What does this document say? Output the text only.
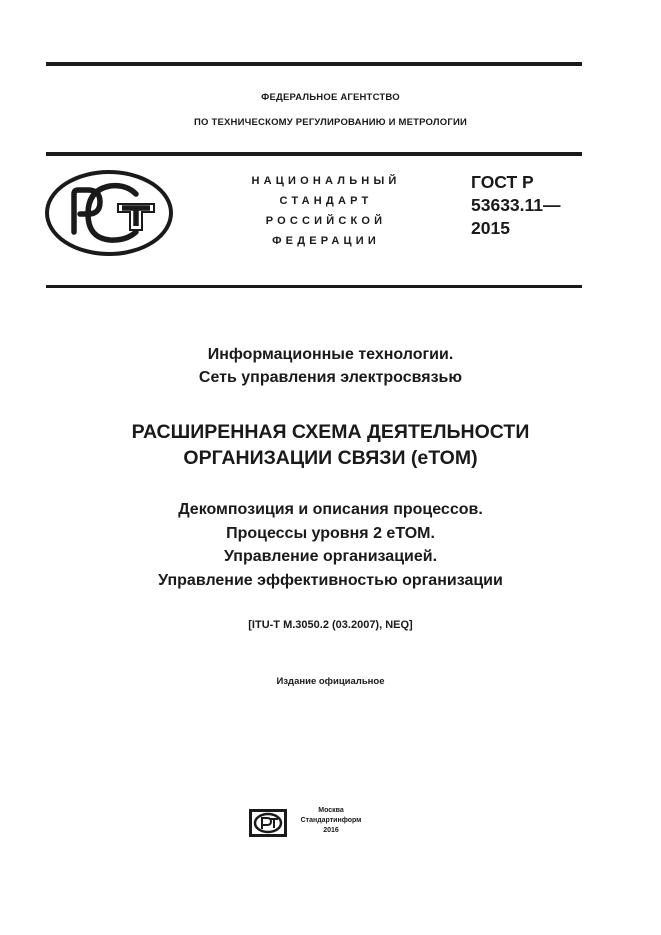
ФЕДЕРАЛЬНОЕ АГЕНТСТВО
ПО ТЕХНИЧЕСКОМУ РЕГУЛИРОВАНИЮ И МЕТРОЛОГИИ
НАЦИОНАЛЬНЫЙ
СТАНДАРТ
РОССИЙСКОЙ
ФЕДЕРАЦИИ
ГОСТ Р
53633.11—
2015
Информационные технологии.
Сеть управления электросвязью
РАСШИРЕННАЯ СХЕМА ДЕЯТЕЛЬНОСТИ
ОРГАНИЗАЦИИ СВЯЗИ (еТОМ)
Декомпозиция и описания процессов.
Процессы уровня 2 еТОМ.
Управление организацией.
Управление эффективностью организации
[ITU-T M.3050.2 (03.2007), NEQ]
Издание официальное
Москва
Стандартинформ
2016
